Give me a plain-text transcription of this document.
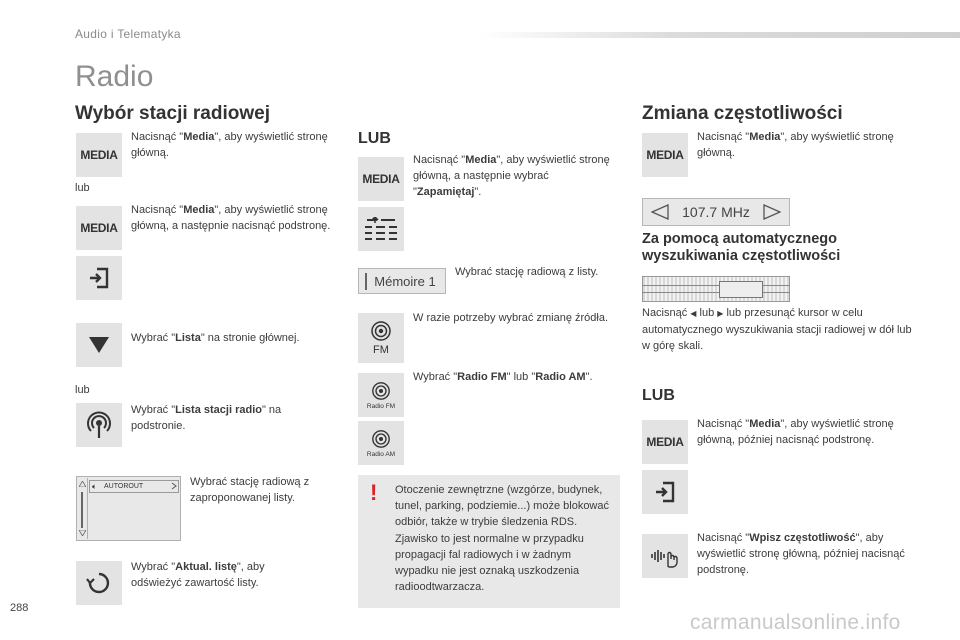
Audio i Telematyka
Radio
Wybór stacji radiowej
MEDIA
Nacisnąć "Media", aby wyświetlić stronę główną.
lub
MEDIA
Nacisnąć "Media", aby wyświetlić stronę główną, a następnie nacisnąć podstronę.
Wybrać "Lista" na stronie głównej.
lub
Wybrać "Lista stacji radio" na podstronie.
🔈︎ AUTOROUT	Wybrać stację radiową z zaproponowanej listy.
Wybrać "Aktual. listę", aby odświeżyć zawartość listy.
LUB
MEDIA
Nacisnąć "Media", aby wyświetlić stronę główną, a następnie wybrać "Zapamiętaj".
Mémoire 1
Wybrać stację radiową z listy.
FM
W razie potrzeby wybrać zmianę źródła.
Radio FM
Wybrać "Radio FM" lub "Radio AM".
Radio AM
! Otoczenie zewnętrzne (wzgórze, budynek, tunel, parking, podziemie...) może blokować odbiór, także w trybie śledzenia RDS. Zjawisko to jest normalne w przypadku propagacji fal radiowych i w żadnym wypadku nie jest oznaką uszkodzenia radioodtwarzacza.
Zmiana częstotliwości
MEDIA
Nacisnąć "Media", aby wyświetlić stronę główną.
107.7 MHz
Za pomocą automatycznego wyszukiwania częstotliwości
Nacisnąć ◀ lub ▶ lub przesunąć kursor w celu automatycznego wyszukiwania stacji radiowej w dół lub w górę skali.
LUB
MEDIA
Nacisnąć "Media", aby wyświetlić stronę główną, później nacisnąć podstronę.
Nacisnąć "Wpisz częstotliwość", aby wyświetlić stronę główną, później nacisnąć podstronę.
288
carmanualsonline.info
